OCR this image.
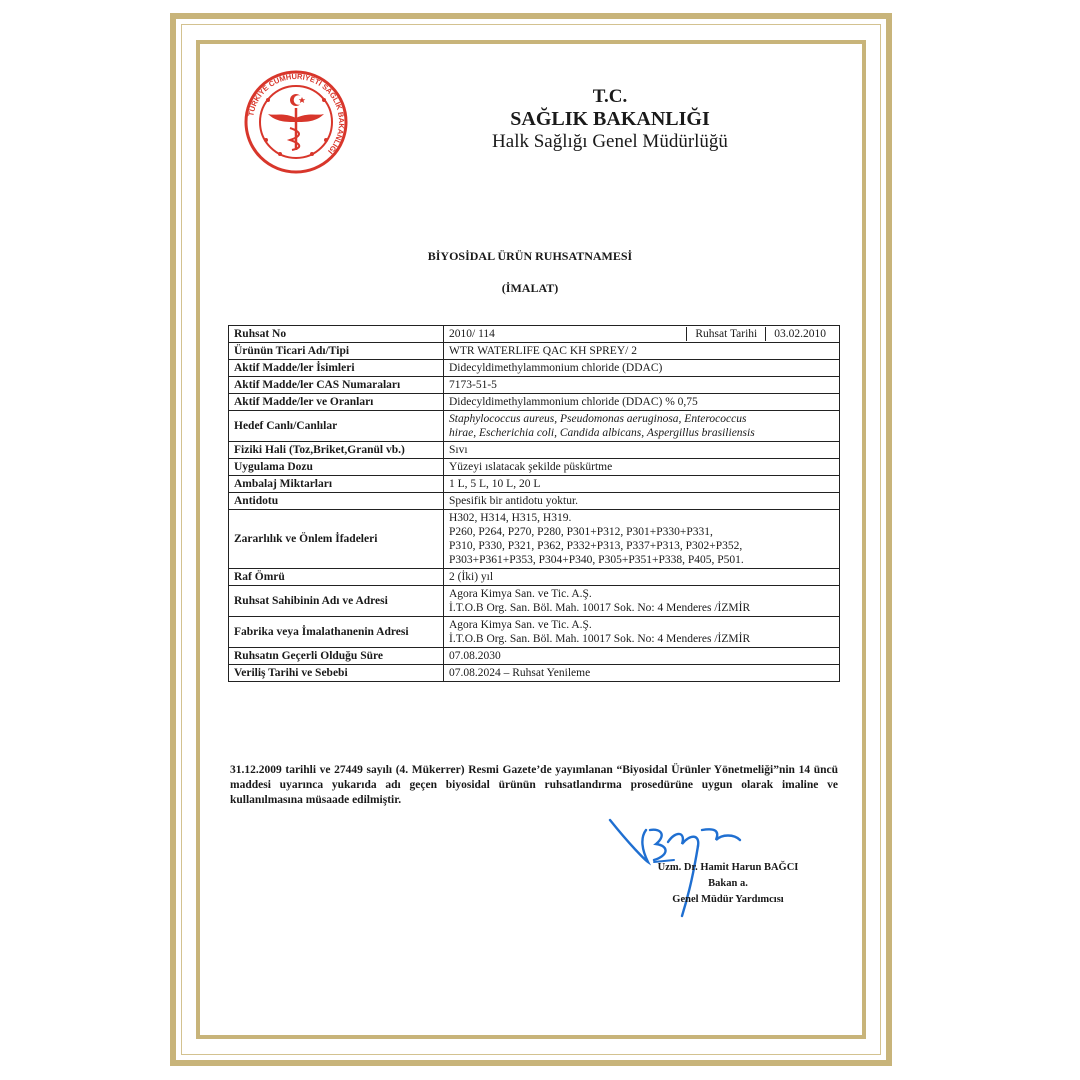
TÜRKİYE CUMHURİYETİ SAĞLIK BAKANLIĞI
T.C.
SAĞLIK BAKANLIĞI
Halk Sağlığı Genel Müdürlüğü
BİYOSİDAL ÜRÜN RUHSATNAMESİ
(İMALAT)
Ruhsat No	2010/ 114 Ruhsat Tarihi 03.02.2010

Ürünün Ticari Adı/Tipi	WTR WATERLIFE QAC KH SPREY/ 2
Aktif Madde/ler İsimleri	Didecyldimethylammonium chloride (DDAC)
Aktif Madde/ler CAS Numaraları	7173-51-5
Aktif Madde/ler ve Oranları	Didecyldimethylammonium chloride (DDAC) % 0,75
Hedef Canlı/Canlılar	Staphylococcus aureus, Pseudomonas aeruginosa, Enterococcus
hirae, Escherichia coli, Candida albicans, Aspergillus brasiliensis

Fiziki Hali (Toz,Briket,Granül vb.)	Sıvı
Uygulama Dozu	Yüzeyi ıslatacak şekilde püskürtme
Ambalaj Miktarları	1 L, 5 L, 10 L, 20 L
Antidotu	Spesifik bir antidotu yoktur.
Zararlılık ve Önlem İfadeleri	H302, H314, H315, H319.
P260, P264, P270, P280, P301+P312, P301+P330+P331,
P310, P330, P321, P362, P332+P313, P337+P313, P302+P352,
P303+P361+P353, P304+P340, P305+P351+P338, P405, P501.

Raf Ömrü	2 (İki) yıl
Ruhsat Sahibinin Adı ve Adresi	Agora Kimya San. ve Tic. A.Ş.
İ.T.O.B Org. San. Böl. Mah. 10017 Sok. No: 4 Menderes /İZMİR

Fabrika veya İmalathanenin Adresi	Agora Kimya San. ve Tic. A.Ş.
İ.T.O.B Org. San. Böl. Mah. 10017 Sok. No: 4 Menderes /İZMİR

Ruhsatın Geçerli Olduğu Süre	07.08.2030
Veriliş Tarihi ve Sebebi	07.08.2024 – Ruhsat Yenileme
31.12.2009 tarihli ve 27449 sayılı (4. Mükerrer) Resmi Gazete’de yayımlanan “Biyosidal Ürünler Yönetmeliği”nin 14 üncü maddesi uyarınca yukarıda adı geçen biyosidal ürünün ruhsatlandırma prosedürüne uygun olarak imaline ve kullanılmasına müsaade edilmiştir.
Uzm. Dr. Hamit Harun BAĞCI
Bakan a.
Genel Müdür Yardımcısı
